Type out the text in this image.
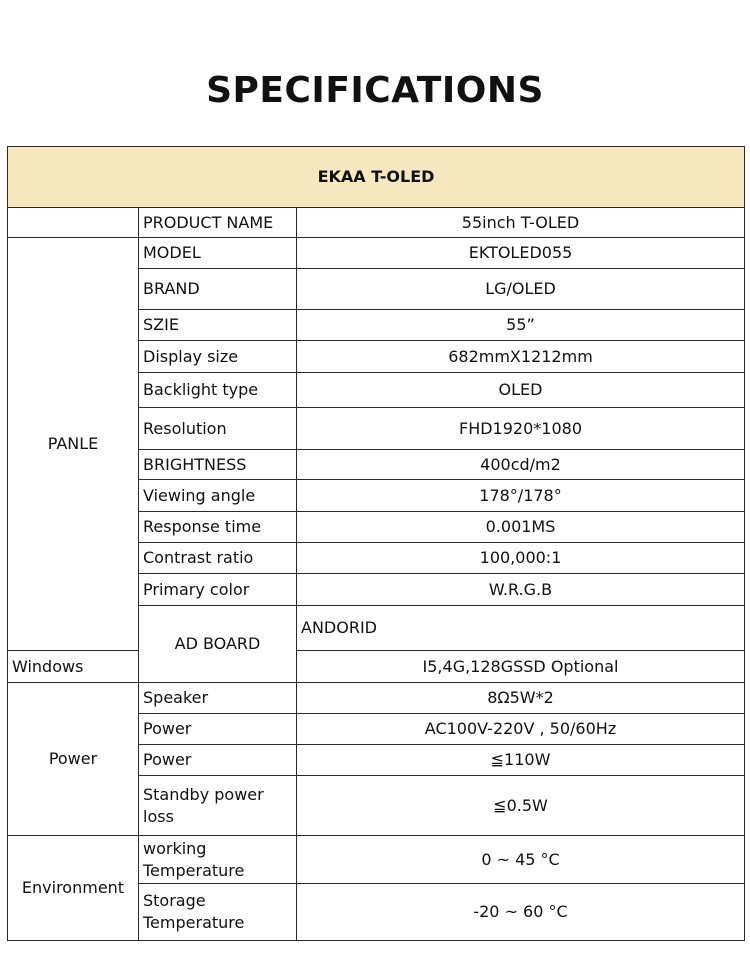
SPECIFICATIONS
EKAA T-OLED			
	PRODUCT NAME	55inch T-OLED	
PANLE	MODEL	EKTOLED055	
	BRAND	LG/OLED	
	SZIE	55”	
	Display size	682mmX1212mm	
	Backlight type	OLED	
	Resolution	FHD1920*1080	
	BRIGHTNESS	400cd/m2	
	Viewing angle	178°/178°	
	Response time	0.001MS	
	Contrast ratio	100,000:1	
	Primary color	W.R.G.B	
	AD BOARD	ANDORID	
Windows		I5,4G,128GSSD Optional	
Power	Speaker	8Ω5W*2	
	Power	AC100V-220V , 50/60Hz	
	Power	≦110W	
	Standby power loss	≦0.5W	
Environment	working Temperature	0 ~ 45 °C	
	Storage Temperature	-20 ~ 60 °C	
